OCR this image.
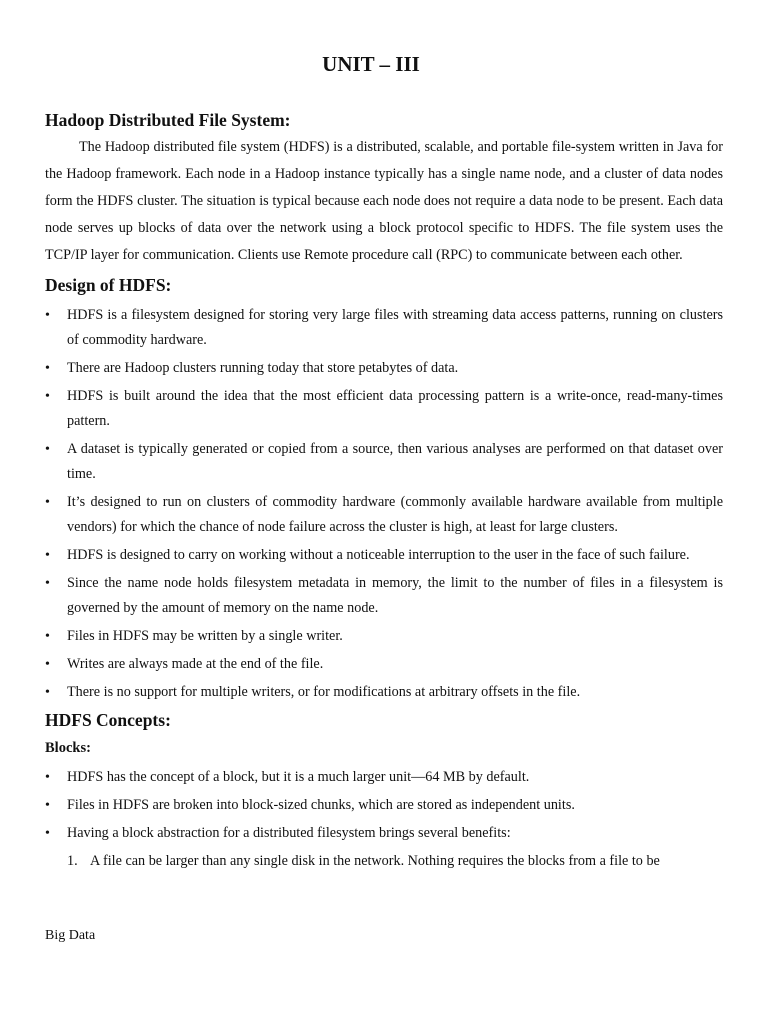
UNIT – III
Hadoop Distributed File System:

The Hadoop distributed file system (HDFS) is a distributed, scalable, and portable file-system written in Java for the Hadoop framework. Each node in a Hadoop instance typically has a single name node, and a cluster of data nodes form the HDFS cluster. The situation is typical because each node does not require a data node to be present. Each data node serves up blocks of data over the network using a block protocol specific to HDFS. The file system uses the TCP/IP layer for communication. Clients use Remote procedure call (RPC) to communicate between each other.

Design of HDFS:
• HDFS is a filesystem designed for storing very large files with streaming data access patterns, running on clusters of commodity hardware.
• There are Hadoop clusters running today that store petabytes of data.
• HDFS is built around the idea that the most efficient data processing pattern is a write-once, read-many-times pattern.
• A dataset is typically generated or copied from a source, then various analyses are performed on that dataset over time.
• It’s designed to run on clusters of commodity hardware (commonly available hardware available from multiple vendors) for which the chance of node failure across the cluster is high, at least for large clusters.
• HDFS is designed to carry on working without a noticeable interruption to the user in the face of such failure.
• Since the name node holds filesystem metadata in memory, the limit to the number of files in a filesystem is governed by the amount of memory on the name node.
• Files in HDFS may be written by a single writer.
• Writes are always made at the end of the file.
• There is no support for multiple writers, or for modifications at arbitrary offsets in the file.
HDFS Concepts:
Blocks:
• HDFS has the concept of a block, but it is a much larger unit—64 MB by default.
• Files in HDFS are broken into block-sized chunks, which are stored as independent units.
• Having a block abstraction for a distributed filesystem brings several benefits:
1. A file can be larger than any single disk in the network. Nothing requires the blocks from a file to be
Big Data
